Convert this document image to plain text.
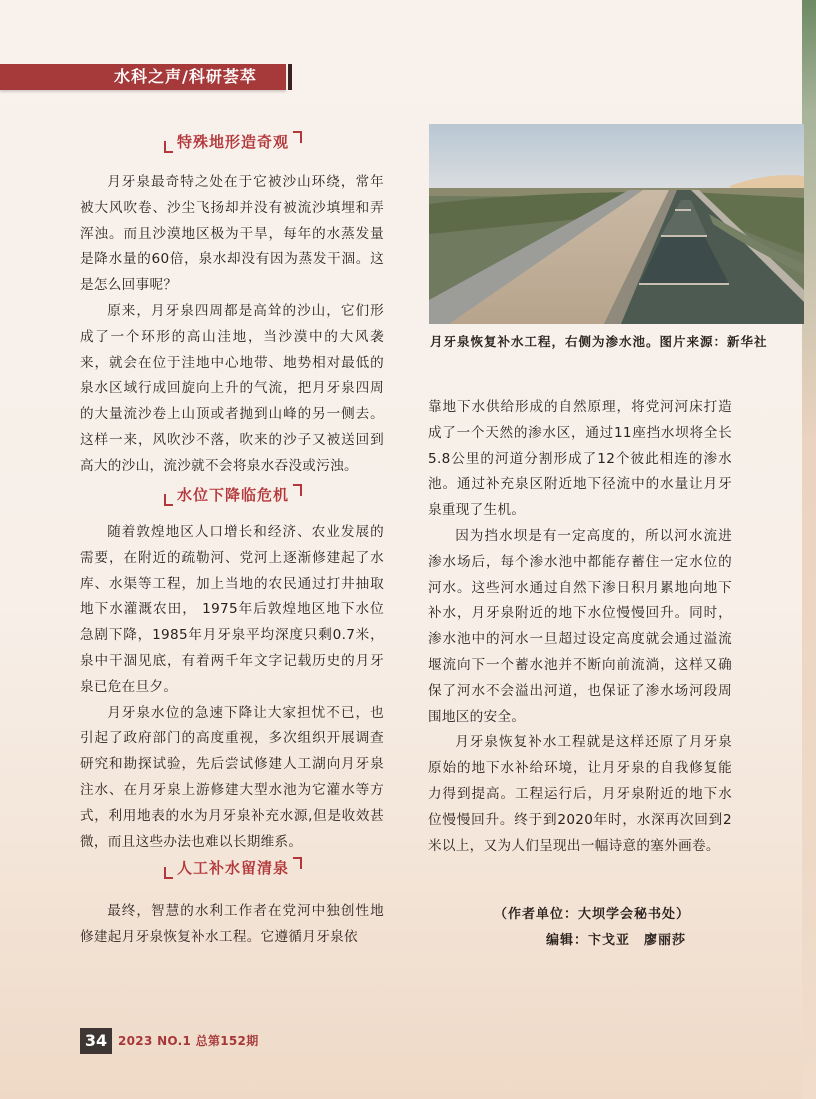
水科之声/科研荟萃
特殊地形造奇观

月牙泉最奇特之处在于它被沙山环绕，常年被大风吹卷、沙尘飞扬却并没有被流沙填埋和弄浑浊。而且沙漠地区极为干旱，每年的水蒸发量是降水量的60倍，泉水却没有因为蒸发干涸。这是怎么回事呢？

原来，月牙泉四周都是高耸的沙山，它们形成了一个环形的高山洼地，当沙漠中的大风袭来，就会在位于洼地中心地带、地势相对最低的泉水区域行成回旋向上升的气流，把月牙泉四周的大量流沙卷上山顶或者抛到山峰的另一侧去。这样一来，风吹沙不落，吹来的沙子又被送回到高大的沙山，流沙就不会将泉水吞没或污浊。

水位下降临危机

随着敦煌地区人口增长和经济、农业发展的需要，在附近的疏勒河、党河上逐渐修建起了水库、水渠等工程，加上当地的农民通过打井抽取地下水灌溉农田， 1975年后敦煌地区地下水位急剧下降，1985年月牙泉平均深度只剩0.7米，泉中干涸见底，有着两千年文字记载历史的月牙泉已危在旦夕。

月牙泉水位的急速下降让大家担忧不已，也引起了政府部门的高度重视，多次组织开展调查研究和勘探试验，先后尝试修建人工湖向月牙泉注水、在月牙泉上游修建大型水池为它灌水等方式，利用地表的水为月牙泉补充水源,但是收效甚微，而且这些办法也难以长期维系。

人工补水留清泉

最终，智慧的水利工作者在党河中独创性地修建起月牙泉恢复补水工程。它遵循月牙泉依

月牙泉恢复补水工程，右侧为渗水池。图片来源：新华社

靠地下水供给形成的自然原理，将党河河床打造成了一个天然的渗水区，通过11座挡水坝将全长5.8公里的河道分割形成了12个彼此相连的渗水池。通过补充泉区附近地下径流中的水量让月牙泉重现了生机。

因为挡水坝是有一定高度的，所以河水流进渗水场后，每个渗水池中都能存蓄住一定水位的河水。这些河水通过自然下渗日积月累地向地下补水，月牙泉附近的地下水位慢慢回升。同时，渗水池中的河水一旦超过设定高度就会通过溢流堰流向下一个蓄水池并不断向前流淌，这样又确保了河水不会溢出河道，也保证了渗水场河段周围地区的安全。

月牙泉恢复补水工程就是这样还原了月牙泉原始的地下水补给环境，让月牙泉的自我修复能力得到提高。工程运行后，月牙泉附近的地下水位慢慢回升。终于到2020年时，水深再次回到2米以上，又为人们呈现出一幅诗意的塞外画卷。

（作者单位：大坝学会秘书处）
编辑：卞戈亚　廖丽莎
34 2023 NO.1 总第152期
